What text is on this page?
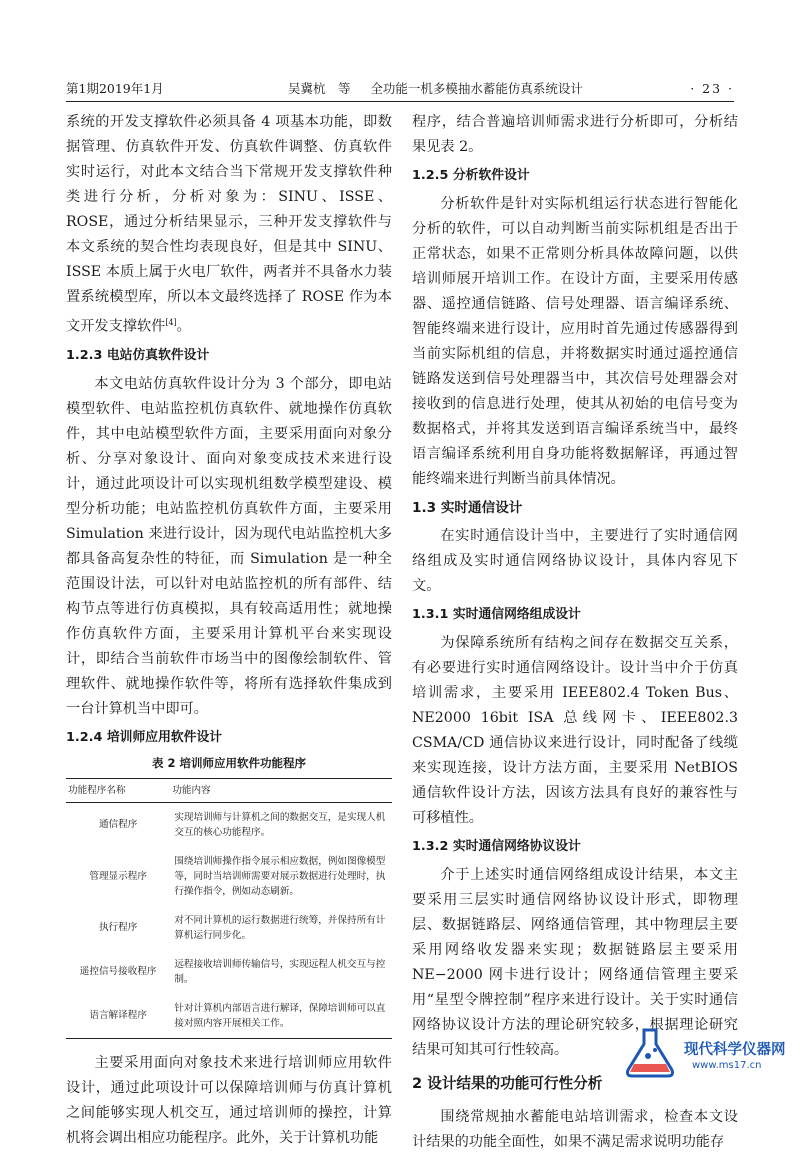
第1期2019年1月	吴冀杭　等 全功能一机多模抽水蓄能仿真系统设计	· 23 ·

系统的开发支撑软件必须具备 4 项基本功能，即数据管理、仿真软件开发、仿真软件调整、仿真软件实时运行，对此本文结合当下常规开发支撑软件种类进行分析，分析对象为：SINU、ISSE、ROSE，通过分析结果显示，三种开发支撑软件与本文系统的契合性均表现良好，但是其中 SINU、ISSE 本质上属于火电厂软件，两者并不具备水力装置系统模型库，所以本文最终选择了 ROSE 作为本文开发支撑软件[4]。

1.2.3 电站仿真软件设计

本文电站仿真软件设计分为 3 个部分，即电站模型软件、电站监控机仿真软件、就地操作仿真软件，其中电站模型软件方面，主要采用面向对象分析、分享对象设计、面向对象变成技术来进行设计，通过此项设计可以实现机组数学模型建设、模型分析功能；电站监控机仿真软件方面，主要采用 Simulation 来进行设计，因为现代电站监控机大多都具备高复杂性的特征，而 Simulation 是一种全范围设计法，可以针对电站监控机的所有部件、结构节点等进行仿真模拟，具有较高适用性；就地操作仿真软件方面，主要采用计算机平台来实现设计，即结合当前软件市场当中的图像绘制软件、管理软件、就地操作软件等，将所有选择软件集成到一台计算机当中即可。

1.2.4 培训师应用软件设计
表 2 培训师应用软件功能程序
功能程序名称	功能内容
通信程序	实现培训师与计算机之间的数据交互，是实现人机交互的核心功能程序。
管理显示程序	围绕培训师操作指令展示相应数据，例如图像模型等，同时当培训师需要对展示数据进行处理时，执行操作指令，例如动态刷新。
执行程序	对不同计算机的运行数据进行统筹，并保持所有计算机运行同步化。
遥控信号接收程序	远程接收培训师传输信号，实现远程人机交互与控制。
语言解译程序	针对计算机内部语言进行解译，保障培训师可以直接对照内容开展相关工作。

主要采用面向对象技术来进行培训师应用软件设计，通过此项设计可以保障培训师与仿真计算机之间能够实现人机交互，通过培训师的操控，计算机将会调出相应功能程序。此外，关于计算机功能

程序，结合普遍培训师需求进行分析即可，分析结果见表 2。

1.2.5 分析软件设计

分析软件是针对实际机组运行状态进行智能化分析的软件，可以自动判断当前实际机组是否出于正常状态，如果不正常则分析具体故障问题，以供培训师展开培训工作。在设计方面，主要采用传感器、遥控通信链路、信号处理器、语言编译系统、智能终端来进行设计，应用时首先通过传感器得到当前实际机组的信息，并将数据实时通过遥控通信链路发送到信号处理器当中，其次信号处理器会对接收到的信息进行处理，使其从初始的电信号变为数据格式，并将其发送到语言编译系统当中，最终语言编译系统利用自身功能将数据解译，再通过智能终端来进行判断当前具体情况。

1.3 实时通信设计

在实时通信设计当中，主要进行了实时通信网络组成及实时通信网络协议设计，具体内容见下文。

1.3.1 实时通信网络组成设计

为保障系统所有结构之间存在数据交互关系，有必要进行实时通信网络设计。设计当中介于仿真培训需求，主要采用 IEEE802.4 Token Bus、NE2000 16bit ISA 总线网卡、IEEE802.3 CSMA/CD 通信协议来进行设计，同时配备了线缆来实现连接，设计方法方面，主要采用 NetBIOS 通信软件设计方法，因该方法具有良好的兼容性与可移植性。

1.3.2 实时通信网络协议设计

介于上述实时通信网络组成设计结果，本文主要采用三层实时通信网络协议设计形式，即物理层、数据链路层、网络通信管理，其中物理层主要采用网络收发器来实现；数据链路层主要采用 NE−2000 网卡进行设计；网络通信管理主要采用“星型令牌控制”程序来进行设计。关于实时通信网络协议设计方法的理论研究较多，根据理论研究结果可知其可行性较高。

2 设计结果的功能可行性分析

围绕常规抽水蓄能电站培训需求，检查本文设计结果的功能全面性，如果不满足需求说明功能存

现代科学仪器网
www.ms17.cn
